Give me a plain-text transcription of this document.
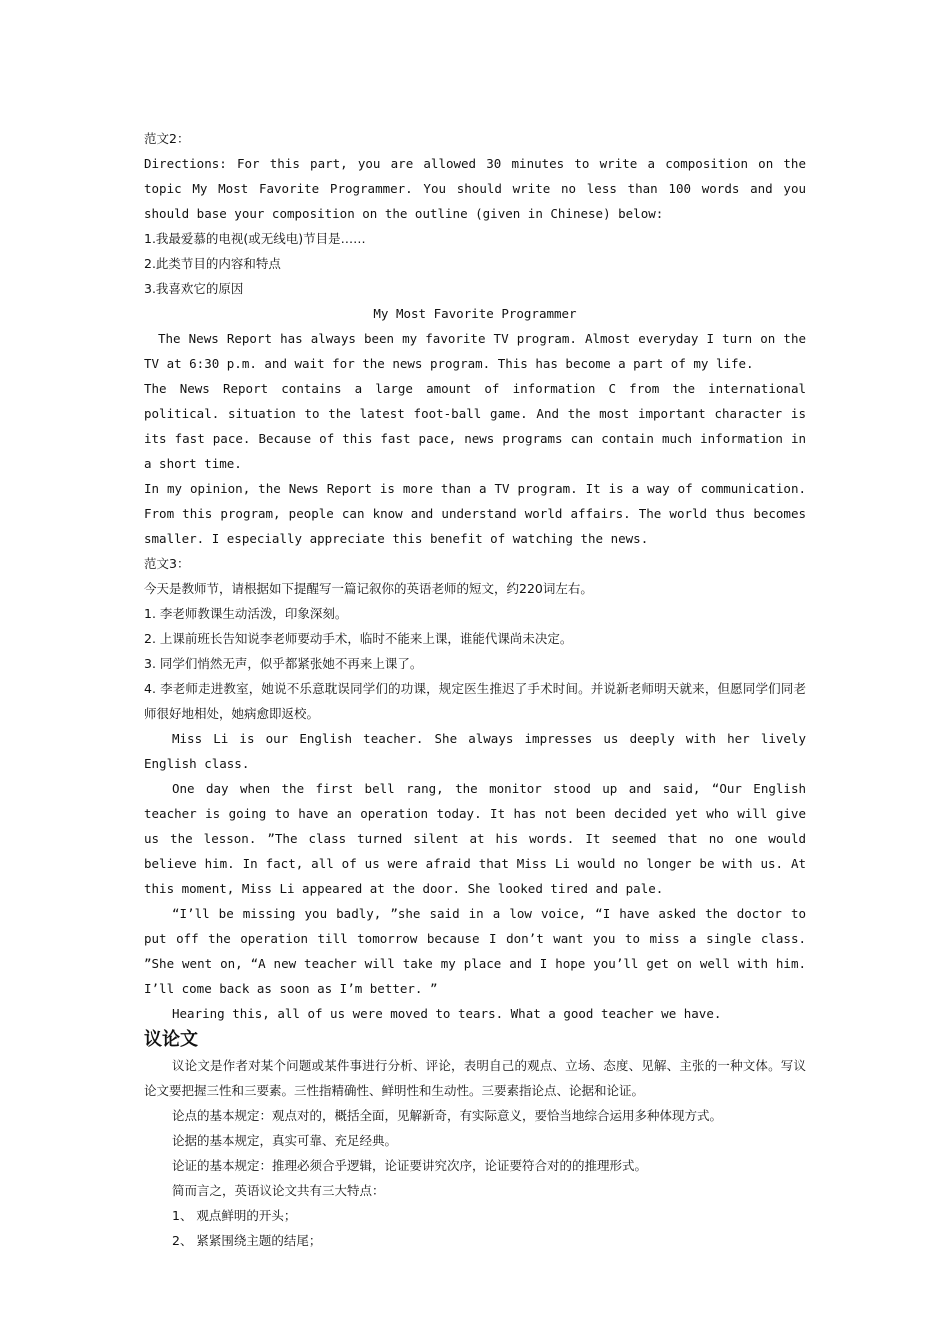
范文2：

Directions: For this part, you are allowed 30 minutes to write a composition on the topic My Most Favorite Programmer. You should write no less than 100 words and you should base your composition on the outline (given in Chinese) below:

1.我最爱慕的电视(或无线电)节目是……

2.此类节目的内容和特点

3.我喜欢它的原因

My Most Favorite Programmer

The News Report has always been my favorite TV program. Almost everyday I turn on the TV at 6:30 p.m. and wait for the news program. This has become a part of my life.

The News Report contains a large amount of information C from the international political. situation to the latest foot-ball game. And the most important character is its fast pace. Because of this fast pace, news programs can contain much information in a short time.

In my opinion, the News Report is more than a TV program. It is a way of communication. From this program, people can know and understand world affairs. The world thus becomes smaller. I especially appreciate this benefit of watching the news.

范文3：

今天是教师节，请根据如下提醒写一篇记叙你的英语老师的短文，约220词左右。

1. 李老师教课生动活泼，印象深刻。

2. 上课前班长告知说李老师要动手术，临时不能来上课，谁能代课尚未决定。

3. 同学们悄然无声，似乎都紧张她不再来上课了。

4. 李老师走进教室，她说不乐意耽误同学们的功课，规定医生推迟了手术时间。并说新老师明天就来，但愿同学们同老师很好地相处，她病愈即返校。

Miss Li is our English teacher. She always impresses us deeply with her lively English class.

One day when the first bell rang, the monitor stood up and said, “Our English teacher is going to have an operation today. It has not been decided yet who will give us the lesson. ”The class turned silent at his words. It seemed that no one would believe him. In fact, all of us were afraid that Miss Li would no longer be with us. At this moment, Miss Li appeared at the door. She looked tired and pale.

“I’ll be missing you badly, ”she said in a low voice, “I have asked the doctor to put off the operation till tomorrow because I don’t want you to miss a single class. ”She went on, “A new teacher will take my place and I hope you’ll get on well with him. I’ll come back as soon as I’m better. ”

Hearing this, all of us were moved to tears. What a good teacher we have.

议论文

议论文是作者对某个问题或某件事进行分析、评论，表明自己的观点、立场、态度、见解、主张的一种文体。写议论文要把握三性和三要素。三性指精确性、鲜明性和生动性。三要素指论点、论据和论证。

论点的基本规定：观点对的，概括全面，见解新奇，有实际意义，要恰当地综合运用多种体现方式。

论据的基本规定，真实可靠、充足经典。

论证的基本规定：推理必须合乎逻辑，论证要讲究次序，论证要符合对的的推理形式。

简而言之，英语议论文共有三大特点：

1、 观点鲜明的开头；

2、 紧紧围绕主题的结尾；
